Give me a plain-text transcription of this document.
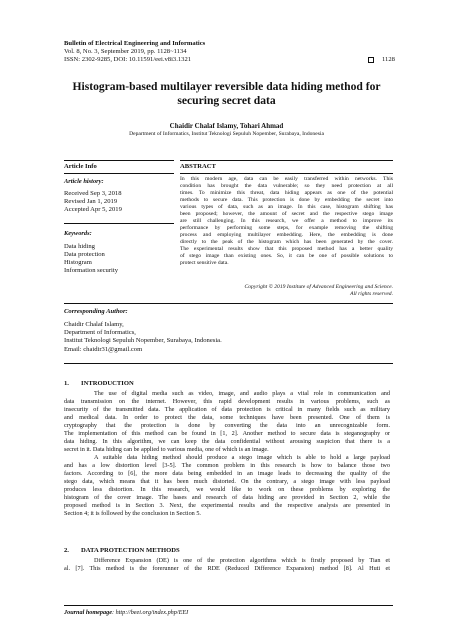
Bulletin of Electrical Engineering and Informatics
Vol. 8, No. 3, September 2019, pp. 1128~1134
ISSN: 2302-9285, DOI: 10.11591/eei.v8i3.1321	1128
Histogram-based multilayer reversible data hiding method for
securing secret data
Chaidir Chalaf Islamy, Tohari Ahmad
Department of Informatics, Institut Teknologi Sepuluh Nopember, Surabaya, Indonesia
Article Info	ABSTRACT
Article history:
Received Sep 3, 2018
Revised Jan 1, 2019
Accepted Apr 5, 2019
Keywords:
Data hiding
Data protection
Histogram
Information security
In this modern age, data can be easily transferred within networks. This
condition has brought the data vulnerable; so they need protection at all
times. To minimize this threat, data hiding appears as one of the potential
methods to secure data. This protection is done by embedding the secret into
various types of data, such as an image. In this case, histogram shifting has
been proposed; however, the amount of secret and the respective stego image
are still challenging. In this research, we offer a method to improve its
performance by performing some steps, for example removing the shifting
process and employing multilayer embedding. Here, the embedding is done
directly to the peak of the histogram which has been generated by the cover.
The experimental results show that this proposed method has a better quality
of stego image than existing ones. So, it can be one of possible solutions to
protect sensitive data.
Copyright © 2019 Institute of Advanced Engineering and Science.
All rights reserved.
Corresponding Author:
Chaidir Chalaf Islamy,
Department of Informatics,
Institut Teknologi Sepuluh Nopember, Surabaya, Indonesia.
Email: chaidir31@gmail.com
1. INTRODUCTION
The use of digital media such as video, image, and audio plays a vital role in communication and
data transmission on the internet. However, this rapid development results in various problems, such as
insecurity of the transmitted data. The application of data protection is critical in many fields such as military
and medical data. In order to protect the data, some techniques have been presented. One of them is
cryptography that the protection is done by converting the data into an unrecognizable form.
The implementation of this method can be found in [1, 2]. Another method to secure data is steganography or
data hiding. In this algorithm, we can keep the data confidential without arousing suspicion that there is a
secret in it. Data hiding can be applied to various media, one of which is an image.
A suitable data hiding method should produce a stego image which is able to hold a large payload
and has a low distortion level [3-5]. The common problem in this research is how to balance those two
factors. According to [6], the more data being embedded in an image leads to decreasing the quality of the
stego data, which means that it has been much distorted. On the contrary, a stego image with less payload
produces less distortion. In this research, we would like to work on these problems by exploring the
histogram of the cover image. The bases and research of data hiding are provided in Section 2, while the
proposed method is in Section 3. Next, the experimental results and the respective analysis are presented in
Section 4; it is followed by the conclusion in Section 5.
2. DATA PROTECTION METHODS
Difference Expansion (DE) is one of the protection algorithms which is firstly proposed by Tian et
al. [7]. This method is the forerunner of the RDE (Reduced Difference Expansion) method [8]. Al Huti et
Journal homepage: http://beei.org/index.php/EEI
